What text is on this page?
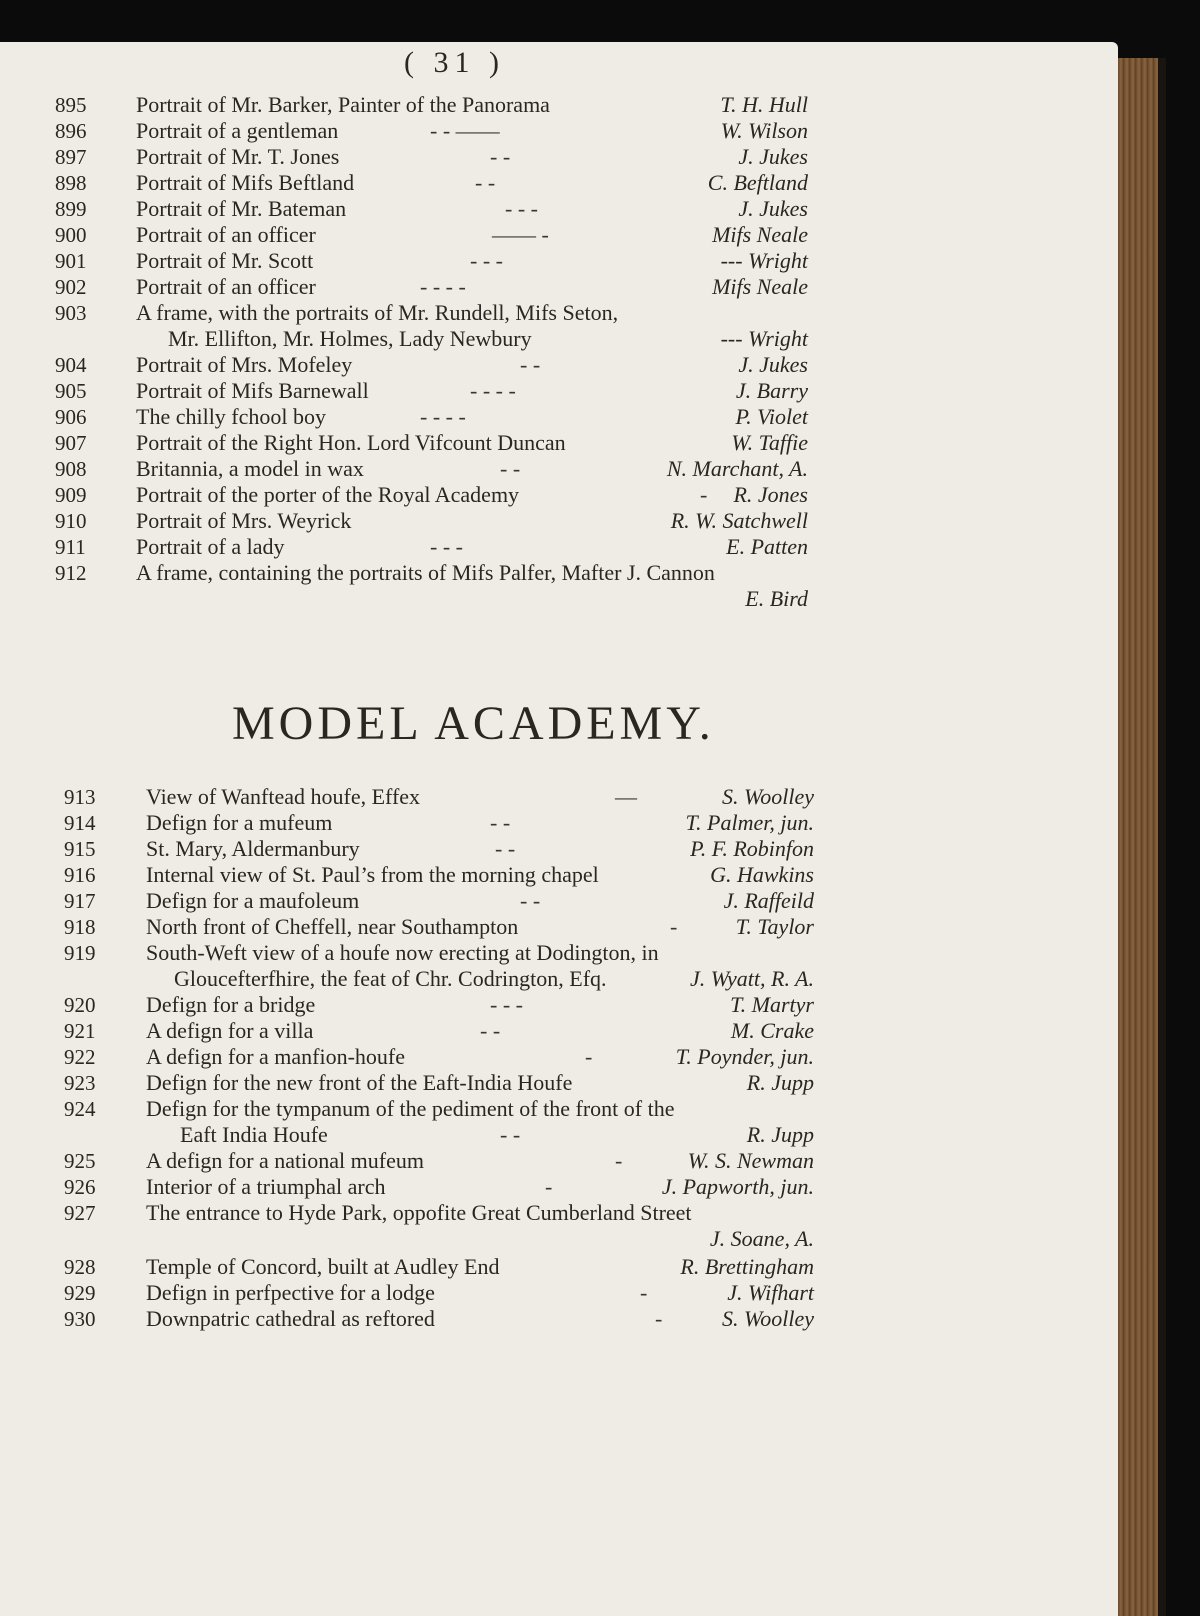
( 31 )
895	Portrait of Mr. Barker, Painter of the Panorama	T. H. Hull
896	Portrait of a gentleman	- - ——	W. Wilson
897	Portrait of Mr. T. Jones	- -	J. Jukes
898	Portrait of Mifs Beftland	- -	C. Beftland
899	Portrait of Mr. Bateman	- - -	J. Jukes
900	Portrait of an officer	—— -	Mifs Neale
901	Portrait of Mr. Scott	- - -	--- Wright
902	Portrait of an officer	- - - -	Mifs Neale
903	A frame, with the portraits of Mr. Rundell, Mifs Seton,
Mr. Ellifton, Mr. Holmes, Lady Newbury	--- Wright
904	Portrait of Mrs. Mofeley	- -	J. Jukes
905	Portrait of Mifs Barnewall	- - - -	J. Barry
906	The chilly fchool boy	- - - -	P. Violet
907	Portrait of the Right Hon. Lord Vifcount Duncan	W. Taffie
908	Britannia, a model in wax	- -	N. Marchant, A.
909	Portrait of the porter of the Royal Academy	- R. Jones
910	Portrait of Mrs. Weyrick	R. W. Satchwell
911	Portrait of a lady	- - -	E. Patten
912	A frame, containing the portraits of Mifs Palfer, Mafter J. Cannon
E. Bird
MODEL ACADEMY.
913	View of Wanftead houfe, Effex	—	S. Woolley
914	Defign for a mufeum	- -	T. Palmer, jun.
915	St. Mary, Aldermanbury	- -	P. F. Robinfon
916	Internal view of St. Paul’s from the morning chapel	G. Hawkins
917	Defign for a maufoleum	- -	J. Raffeild
918	North front of Cheffell, near Southampton	-	T. Taylor
919	South-Weft view of a houfe now erecting at Dodington, in
Gloucefterfhire, the feat of Chr. Codrington, Efq.	J. Wyatt, R. A.
920	Defign for a bridge	- - -	T. Martyr
921	A defign for a villa	- -	M. Crake
922	A defign for a manfion-houfe	-	T. Poynder, jun.
923	Defign for the new front of the Eaft-India Houfe	R. Jupp
924	Defign for the tympanum of the pediment of the front of the
Eaft India Houfe	- -	R. Jupp
925	A defign for a national mufeum	-	W. S. Newman
926	Interior of a triumphal arch	-	J. Papworth, jun.
927	The entrance to Hyde Park, oppofite Great Cumberland Street
J. Soane, A.
928	Temple of Concord, built at Audley End	R. Brettingham
929	Defign in perfpective for a lodge	-	J. Wifhart
930	Downpatric cathedral as reftored	-	S. Woolley
